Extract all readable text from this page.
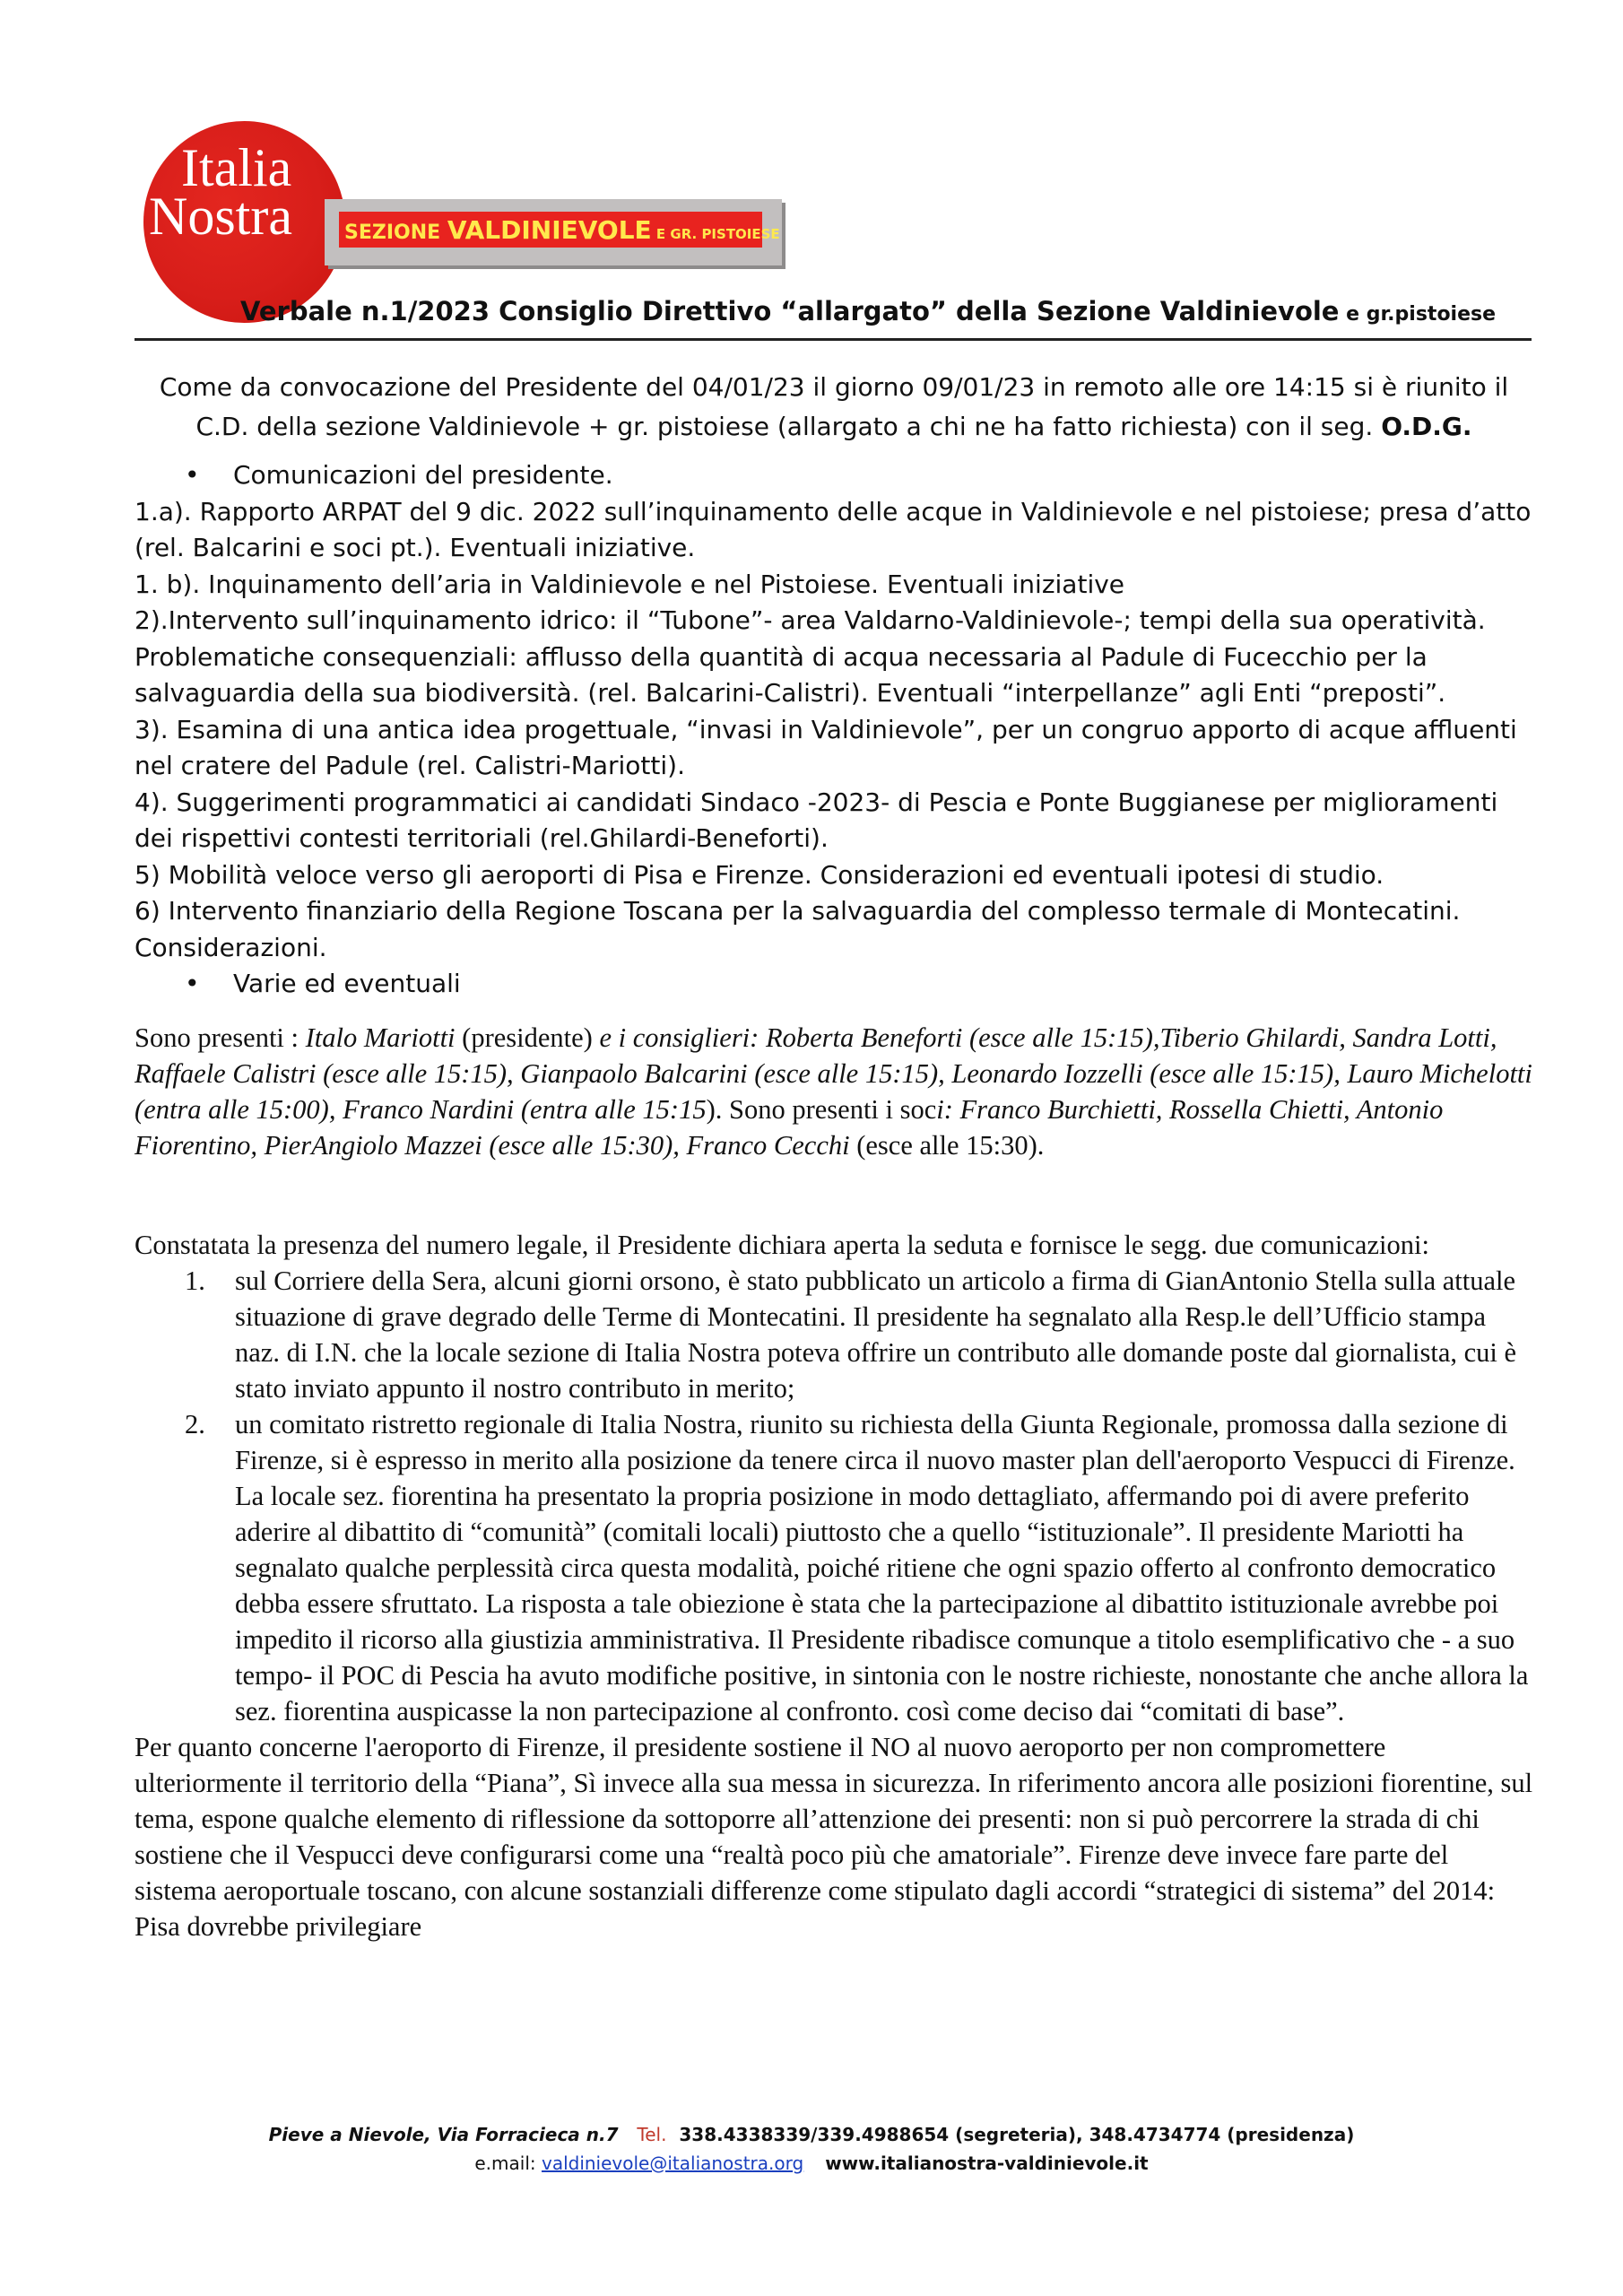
Italia
Nostra	SEZIONE VALDINIEVOLE E GR. PISTOIESE
Verbale n.1/2023 Consiglio Direttivo “allargato” della Sezione Valdinievole e gr.pistoiese
Come da convocazione del Presidente del 04/01/23 il giorno 09/01/23 in remoto alle ore 14:15 si è riunito il C.D. della sezione Valdinievole + gr. pistoiese (allargato a chi ne ha fatto richiesta) con il seg. O.D.G.

• Comunicazioni del presidente.

1.a). Rapporto ARPAT del 9 dic. 2022 sull’inquinamento delle acque in Valdinievole e nel pistoiese; presa d’atto (rel. Balcarini e soci pt.). Eventuali iniziative.

1. b). Inquinamento dell’aria in Valdinievole e nel Pistoiese. Eventuali iniziative

2).Intervento sull’inquinamento idrico: il “Tubone”- area Valdarno-Valdinievole-; tempi della sua operatività. Problematiche consequenziali: afflusso della quantità di acqua necessaria al Padule di Fucecchio per la salvaguardia della sua biodiversità. (rel. Balcarini-Calistri). Eventuali “interpellanze” agli Enti “preposti”.

3). Esamina di una antica idea progettuale, “invasi in Valdinievole”, per un congruo apporto di acque affluenti nel cratere del Padule (rel. Calistri-Mariotti).

4). Suggerimenti programmatici ai candidati Sindaco -2023- di Pescia e Ponte Buggianese per miglioramenti dei rispettivi contesti territoriali (rel.Ghilardi-Beneforti).

5) Mobilità veloce verso gli aeroporti di Pisa e Firenze. Considerazioni ed eventuali ipotesi di studio.

6) Intervento finanziario della Regione Toscana per la salvaguardia del complesso termale di Montecatini. Considerazioni.

• Varie ed eventuali

Sono presenti : Italo Mariotti (presidente) e i consiglieri: Roberta Beneforti (esce alle 15:15),Tiberio Ghilardi, Sandra Lotti, Raffaele Calistri (esce alle 15:15), Gianpaolo Balcarini (esce alle 15:15), Leonardo Iozzelli (esce alle 15:15), Lauro Michelotti (entra alle 15:00), Franco Nardini (entra alle 15:15). Sono presenti i soci: Franco Burchietti, Rossella Chietti, Antonio Fiorentino, PierAngiolo Mazzei (esce alle 15:30), Franco Cecchi (esce alle 15:30).

Constatata la presenza del numero legale, il Presidente dichiara aperta la seduta e fornisce le segg. due comunicazioni:

1. sul Corriere della Sera, alcuni giorni orsono, è stato pubblicato un articolo a firma di GianAntonio Stella sulla attuale situazione di grave degrado delle Terme di Montecatini. Il presidente ha segnalato alla Resp.le dell’Ufficio stampa naz. di I.N. che la locale sezione di Italia Nostra poteva offrire un contributo alle domande poste dal giornalista, cui è stato inviato appunto il nostro contributo in merito;

2. un comitato ristretto regionale di Italia Nostra, riunito su richiesta della Giunta Regionale, promossa dalla sezione di Firenze, si è espresso in merito alla posizione da tenere circa il nuovo master plan dell'aeroporto Vespucci di Firenze.

La locale sez. fiorentina ha presentato la propria posizione in modo dettagliato, affermando poi di avere preferito aderire al dibattito di “comunità” (comitali locali) piuttosto che a quello “istituzionale”. Il presidente Mariotti ha segnalato qualche perplessità circa questa modalità, poiché ritiene che ogni spazio offerto al confronto democratico debba essere sfruttato. La risposta a tale obiezione è stata che la partecipazione al dibattito istituzionale avrebbe poi impedito il ricorso alla giustizia amministrativa. Il Presidente ribadisce comunque a titolo esemplificativo che - a suo tempo- il POC di Pescia ha avuto modifiche positive, in sintonia con le nostre richieste, nonostante che anche allora la sez. fiorentina auspicasse la non partecipazione al confronto. così come deciso dai “comitati di base”.

Per quanto concerne l'aeroporto di Firenze, il presidente sostiene il NO al nuovo aeroporto per non compromettere ulteriormente il territorio della “Piana”, Sì invece alla sua messa in sicurezza. In riferimento ancora alle posizioni fiorentine, sul tema, espone qualche elemento di riflessione da sottoporre all’attenzione dei presenti: non si può percorrere la strada di chi sostiene che il Vespucci deve configurarsi come una “realtà poco più che amatoriale”. Firenze deve invece fare parte del sistema aeroportuale toscano, con alcune sostanziali differenze come stipulato dagli accordi “strategici di sistema” del 2014: Pisa dovrebbe privilegiare

Pieve a Nievole, Via Forracieca n.7 Tel. 338.4338339/339.4988654 (segreteria), 348.4734774 (presidenza)
e.mail: valdinievole@italianostra.org www.italianostra-valdinievole.it
